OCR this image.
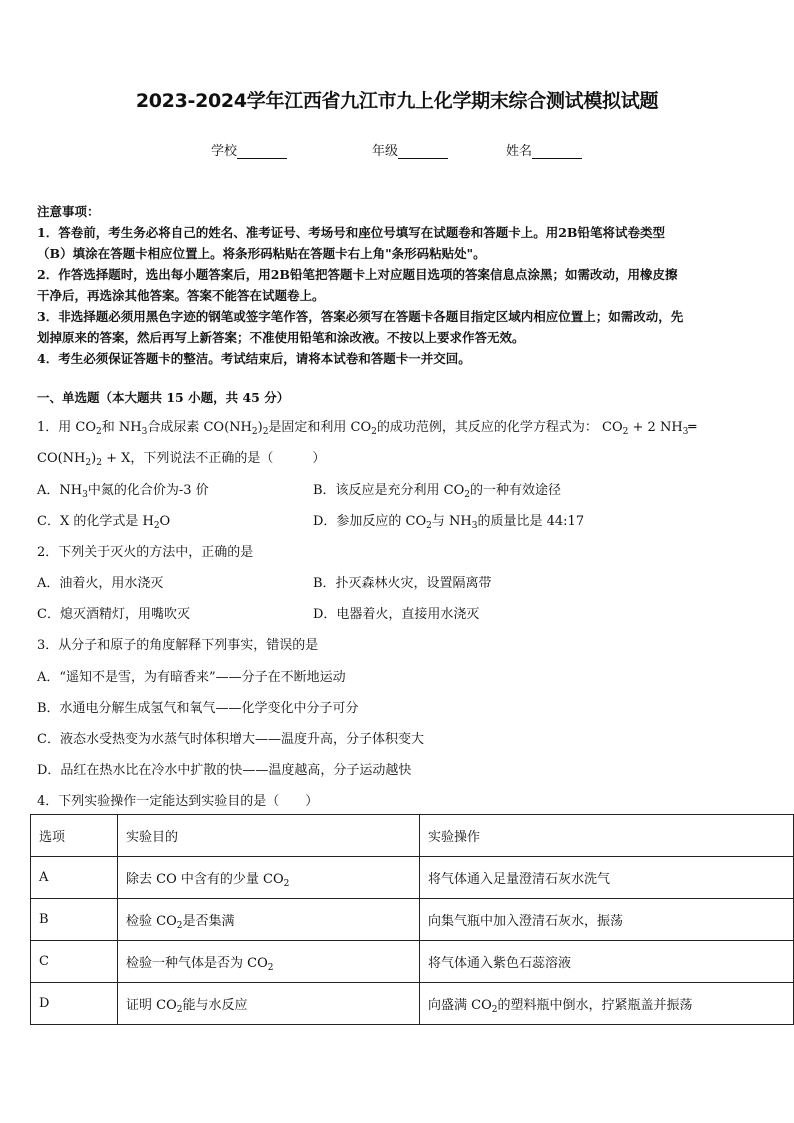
2023-2024学年江西省九江市九上化学期末综合测试模拟试题
学校	年级	姓名
注意事项：
1．答卷前，考生务必将自己的姓名、准考证号、考场号和座位号填写在试题卷和答题卡上。用2B铅笔将试卷类型
（B）填涂在答题卡相应位置上。将条形码粘贴在答题卡右上角"条形码粘贴处"。
2．作答选择题时，选出每小题答案后，用2B铅笔把答题卡上对应题目选项的答案信息点涂黑；如需改动，用橡皮擦
干净后，再选涂其他答案。答案不能答在试题卷上。
3．非选择题必须用黑色字迹的钢笔或签字笔作答，答案必须写在答题卡各题目指定区域内相应位置上；如需改动，先
划掉原来的答案，然后再写上新答案；不准使用铅笔和涂改液。不按以上要求作答无效。
4．考生必须保证答题卡的整洁。考试结束后，请将本试卷和答题卡一并交回。
一、单选题（本大题共 15 小题，共 45 分）
1．用 $CO_2$和 $NH_3$合成尿素 $CO(NH_2)_2$是固定和利用 $CO_2$的成功范例，其反应的化学方程式为： $CO_2 + 2$ $NH_3═$
$CO(NH_2)_2 + X$，下列说法不正确的是（　　　）
A．$NH_3$中氮的化合价为-3 价	B．该反应是充分利用 $CO_2$的一种有效途径
C．X 的化学式是 $H_2O$	D．参加反应的 $CO_2$与 $NH_3$的质量比是 44:17
2．下列关于灭火的方法中，正确的是
A．油着火，用水浇灭	B．扑灭森林火灾，设置隔离带
C．熄灭酒精灯，用嘴吹灭	D．电器着火，直接用水浇灭
3．从分子和原子的角度解释下列事实，错误的是
A．“遥知不是雪，为有暗香来”——分子在不断地运动
B．水通电分解生成氢气和氧气——化学变化中分子可分
C．液态水受热变为水蒸气时体积增大——温度升高，分子体积变大
D．品红在热水比在冷水中扩散的快——温度越高，分子运动越快
4．下列实验操作一定能达到实验目的是（　　）
选项	实验目的	实验操作
A	除去 CO 中含有的少量 $CO_2$	将气体通入足量澄清石灰水洗气
B	检验 $CO_2$是否集满	向集气瓶中加入澄清石灰水，振荡
C	检验一种气体是否为 $CO_2$	将气体通入紫色石蕊溶液
D	证明 $CO_2$能与水反应	向盛满 $CO_2$的塑料瓶中倒水，拧紧瓶盖并振荡
